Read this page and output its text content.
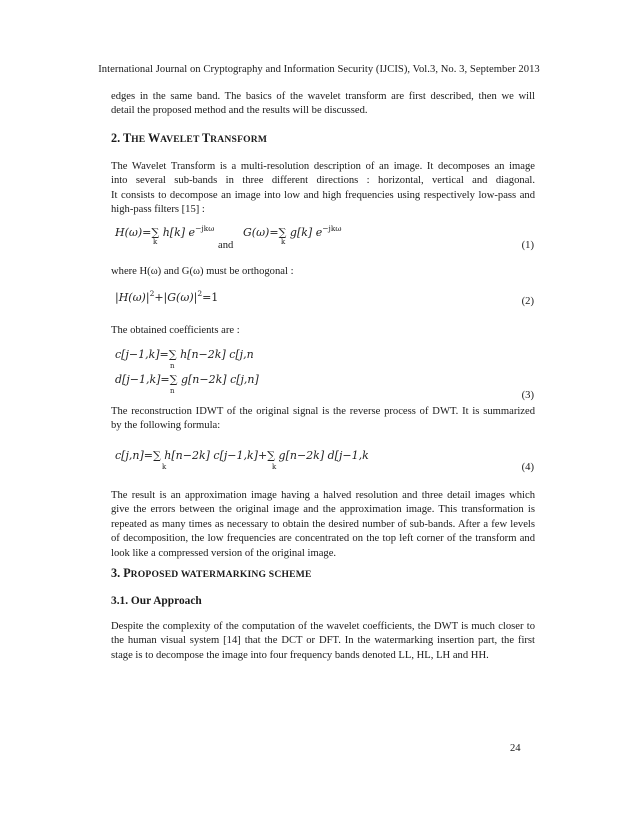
International Journal on Cryptography and Information Security (IJCIS), Vol.3, No. 3, September 2013

edges in the same band. The basics of the wavelet transform are first described, then we will
detail the proposed method and the results will be discussed.

2. THE WAVELET TRANSFORM

The Wavelet Transform is a multi-resolution description of an image. It decomposes an image
into several sub-bands in three different directions : horizontal, vertical and diagonal.
It consists to decompose an image into low and high frequencies using respectively low-pass and
high-pass filters [15] :

H(ω)=∑ h[k] $e^{-jk\omega}$
k
G(ω)=∑ g[k] $e^{-jk\omega}$
k
and	(1)

where H(ω) and G(ω) must be orthogonal :

$|H(\omega)|^2+|G(\omega)|^2=1$	(2)

The obtained coefficients are :

c[j−1,k]=∑ h[n−2k] c[j,n
n
d[j−1,k]=∑ g[n−2k] c[j,n]
n	(3)

The reconstruction IDWT of the original signal is the reverse process of DWT. It is summarized
by the following formula:

c[j,n]=∑ h[n−2k] c[j−1,k]+∑ g[n−2k] d[j−1,k
k	k	(4)

The result is an approximation image having a halved resolution and three detail images which
give the errors between the original image and the approximation image. This transformation is
repeated as many times as necessary to obtain the desired number of sub-bands. After a few levels
of decomposition, the low frequencies are concentrated on the top left corner of the transform and
look like a compressed version of the original image.

3. PROPOSED WATERMARKING SCHEME
3.1. Our Approach

Despite the complexity of the computation of the wavelet coefficients, the DWT is much closer to
the human visual system [14] that the DCT or DFT. In the watermarking insertion part, the first
stage is to decompose the image into four frequency bands denoted LL, HL, LH and HH.

24
